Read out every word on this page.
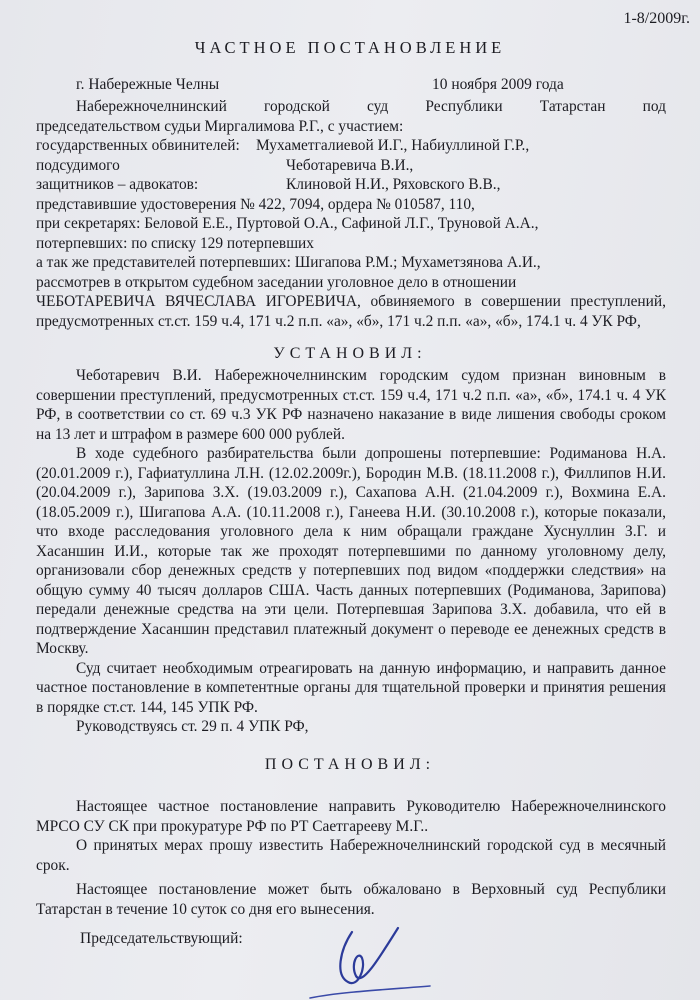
1-8/2009г.
ЧАСТНОЕ ПОСТАНОВЛЕНИЕ
г. Набережные Челны	10 ноября 2009 года
Набережночелнинский городской суд Республики Татарстан под
председательством судьи Миргалимова Р.Г., с участием:
государственных обвинителей: Мухаметгалиевой И.Г., Набиуллиной Г.Р.,
подсудимого	Чеботаревича В.И.,
защитников – адвокатов:	Клиновой Н.И., Ряховского В.В.,
представившие удостоверения № 422, 7094, ордера № 010587, 110,
при секретарях: Беловой Е.Е., Пуртовой О.А., Сафиной Л.Г., Труновой А.А.,
потерпевших: по списку 129 потерпевших
а так же представителей потерпевших: Шигапова Р.М.; Мухаметзянова А.И.,
рассмотрев в открытом судебном заседании уголовное дело в отношении
ЧЕБОТАРЕВИЧА ВЯЧЕСЛАВА ИГОРЕВИЧА, обвиняемого в совершении преступлений, предусмотренных ст.ст. 159 ч.4, 171 ч.2 п.п. «а», «б», 171 ч.2 п.п. «а», «б», 174.1 ч. 4 УК РФ,
УСТАНОВИЛ:
Чеботаревич В.И. Набережночелнинским городским судом признан виновным в совершении преступлений, предусмотренных ст.ст. 159 ч.4, 171 ч.2 п.п. «а», «б», 174.1 ч. 4 УК РФ, в соответствии со ст. 69 ч.3 УК РФ назначено наказание в виде лишения свободы сроком на 13 лет и штрафом в размере 600 000 рублей.
В ходе судебного разбирательства были допрошены потерпевшие: Родиманова Н.А. (20.01.2009 г.), Гафиатуллина Л.Н. (12.02.2009г.), Бородин М.В. (18.11.2008 г.), Филлипов Н.И. (20.04.2009 г.), Зарипова З.Х. (19.03.2009 г.), Сахапова А.Н. (21.04.2009 г.), Вохмина Е.А. (18.05.2009 г.), Шигапова А.А. (10.11.2008 г.), Ганеева Н.И. (30.10.2008 г.), которые показали, что входе расследования уголовного дела к ним обращали граждане Хуснуллин З.Г. и Хасаншин И.И., которые так же проходят потерпевшими по данному уголовному делу, организовали сбор денежных средств у потерпевших под видом «поддержки следствия» на общую сумму 40 тысяч долларов США. Часть данных потерпевших (Родиманова, Зарипова) передали денежные средства на эти цели. Потерпевшая Зарипова З.Х. добавила, что ей в подтверждение Хасаншин представил платежный документ о переводе ее денежных средств в Москву.
Суд считает необходимым отреагировать на данную информацию, и направить данное частное постановление в компетентные органы для тщательной проверки и принятия решения в порядке ст.ст. 144, 145 УПК РФ.
Руководствуясь ст. 29 п. 4 УПК РФ,
ПОСТАНОВИЛ:
Настоящее частное постановление направить Руководителю Набережночелнинского МРСО СУ СК при прокуратуре РФ по РТ Саетгарееву М.Г..
О принятых мерах прошу известить Набережночелнинский городской суд в месячный срок.
Настоящее постановление может быть обжаловано в Верховный суд Республики Татарстан в течение 10 суток со дня его вынесения.
Председательствующий:
